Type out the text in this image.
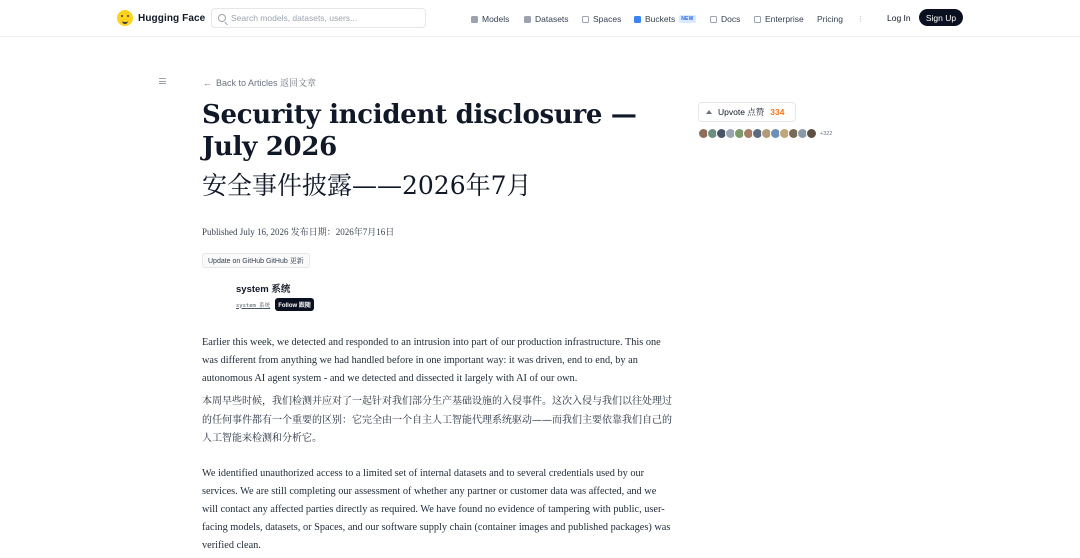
Hugging Face
Search models, datasets, users...	Models	Datasets	Spaces	Buckets	NEW	Docs	Enterprise Pricing ⋮	Log In	Sign Up
← Back to Articles 返回文章
Security incident disclosure — July 2026
安全事件披露——2026年7月
Published July 16, 2026 发布日期：2026年7月16日
Update on GitHub GitHub 更新
system 系统
system 系统	Follow 跟随
Upvote 点赞 334
+322

Earlier this week, we detected and responded to an intrusion into part of our production infrastructure. This one was different from anything we had handled before in one important way: it was driven, end to end, by an autonomous AI agent system - and we detected and dissected it largely with AI of our own.

本周早些时候，我们检测并应对了一起针对我们部分生产基础设施的入侵事件。这次入侵与我们以往处理过的任何事件都有一个重要的区别：它完全由一个自主人工智能代理系统驱动——而我们主要依靠我们自己的人工智能来检测和分析它。

We identified unauthorized access to a limited set of internal datasets and to several credentials used by our services. We are still completing our assessment of whether any partner or customer data was affected, and we will contact any affected parties directly as required. We have found no evidence of tampering with public, user-facing models, datasets, or Spaces, and our software supply chain (container images and published packages) was verified clean.
